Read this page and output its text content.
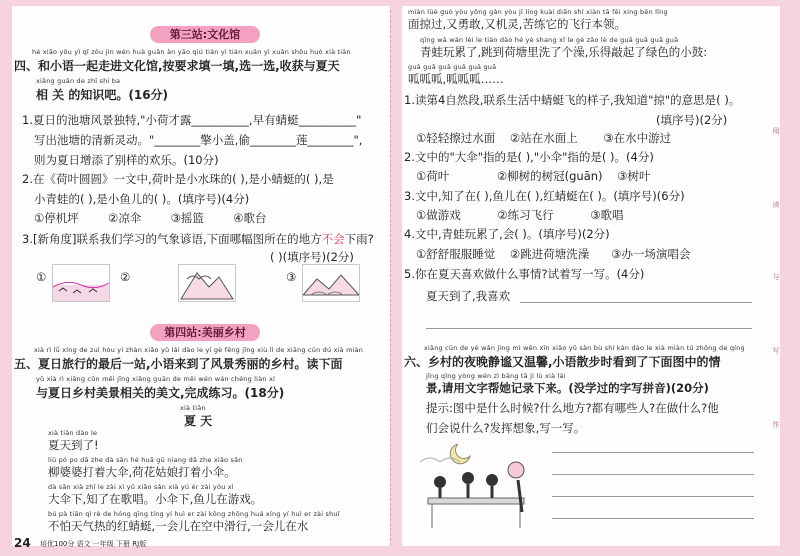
第三站:文化馆
hé xiǎo yǒu yì qǐ zǒu jìn wén huà guǎn àn yāo qiú tián yì tián xuǎn yì xuǎn shōu huò xià tiān
四、和小语一起走进文化馆,按要求填一填,选一选,收获与夏天
xiāng guān de zhī shi ba
相 关 的知识吧。(16分)
1.夏日的池塘风景独特,"小荷才露__________,早有蜻蜓__________"
写出池塘的清新灵动。"________擎小盖,偷________莲________",
则为夏日增添了别样的欢乐。(10分)
2.在《荷叶圆圆》一文中,荷叶是小水珠的( ),是小蜻蜓的( ),是
小青蛙的( ),是小鱼儿的( )。(填序号)(4分)
①停机坪        ②凉伞        ③摇篮        ④歌台
3.[新角度]联系我们学习的气象谚语,下面哪幅图所在的地方不会下雨?
( )(填序号)(2分)
①	②	③
第四站:美丽乡村
xià rì lǚ xíng de zuì hòu yí zhàn xiǎo yǔ lái dào le yí gè fēng jǐng xiù lì de xiāng cūn dú xià miàn
五、夏日旅行的最后一站,小语来到了风景秀丽的乡村。读下面
yǔ xià rì xiāng cūn měi jǐng xiāng guān de měi wén wán chéng liàn xí
与夏日乡村美景相关的美文,完成练习。(18分)
xià tiān
夏 天
xià tiān dào le
夏天到了!
liǔ pó po dǎ zhe dà sǎn hé huā gū niang dǎ zhe xiǎo sǎn
柳婆婆打着大伞,荷花姑娘打着小伞。
dà sǎn xià zhī le zài xì yǔ xiǎo sǎn xià yú ér zài yóu xì
大伞下,知了在歌唱。小伞下,鱼儿在游戏。
bú pà tiān qì rè de hóng qīng tíng yí huì er zài kōng zhōng huá xíng yí huì er zài shuǐ
不怕天气热的红蜻蜓,一会儿在空中滑行,一会儿在水
24 培优100分 语文 一年级 下册 RJ版
miàn lüè guò yòu yǒng gǎn yòu jī líng kuài diǎn shí xiàn tā fēi xíng běn lǐng
面掠过,又勇敢,又机灵,苦练它的飞行本领。
qīng wā wán lèi le tiào dào hé yè shang xǐ le gè zǎo lè de guā guā guā guā
青蛙玩累了,跳到荷塘里洗了个澡,乐得敲起了绿色的小鼓:
guā guā guā guā guā guā
呱呱呱,呱呱呱……
1.读第4自然段,联系生活中蜻蜓飞的样子,我知道"掠"的意思是( )。
(填序号)(2分)
①轻轻擦过水面    ②站在水面上       ③在水中游过
2.文中的"大伞"指的是( ),"小伞"指的是( )。(4分)
①荷叶             ②柳树的树冠(guān)    ③树叶
3.文中,知了在( ),鱼儿在( ),红蜻蜓在( )。(填序号)(6分)
①做游戏          ②练习飞行          ③歌唱
4.文中,青蛙玩累了,会( )。(填序号)(2分)
①舒舒服服睡觉    ②跳进荷塘洗澡      ③办一场演唱会
5.你在夏天喜欢做什么事情?试着写一写。(4分)
夏天到了,我喜欢
xiāng cūn de yè wǎn jìng mì wēn xīn xiǎo yǔ sàn bù shí kàn dào le xià miàn tú zhōng de qíng
六、乡村的夜晚静谧又温馨,小语散步时看到了下面图中的情
jǐng qǐng yòng wén zì bāng tā jì lù xià lái
景,请用文字帮她记录下来。(没学过的字写拼音)(20分)
提示:图中是什么时候?什么地方?都有哪些人?在做什么?他
们会说什么?发挥想象,写一写。
阅
读
与
写
作
